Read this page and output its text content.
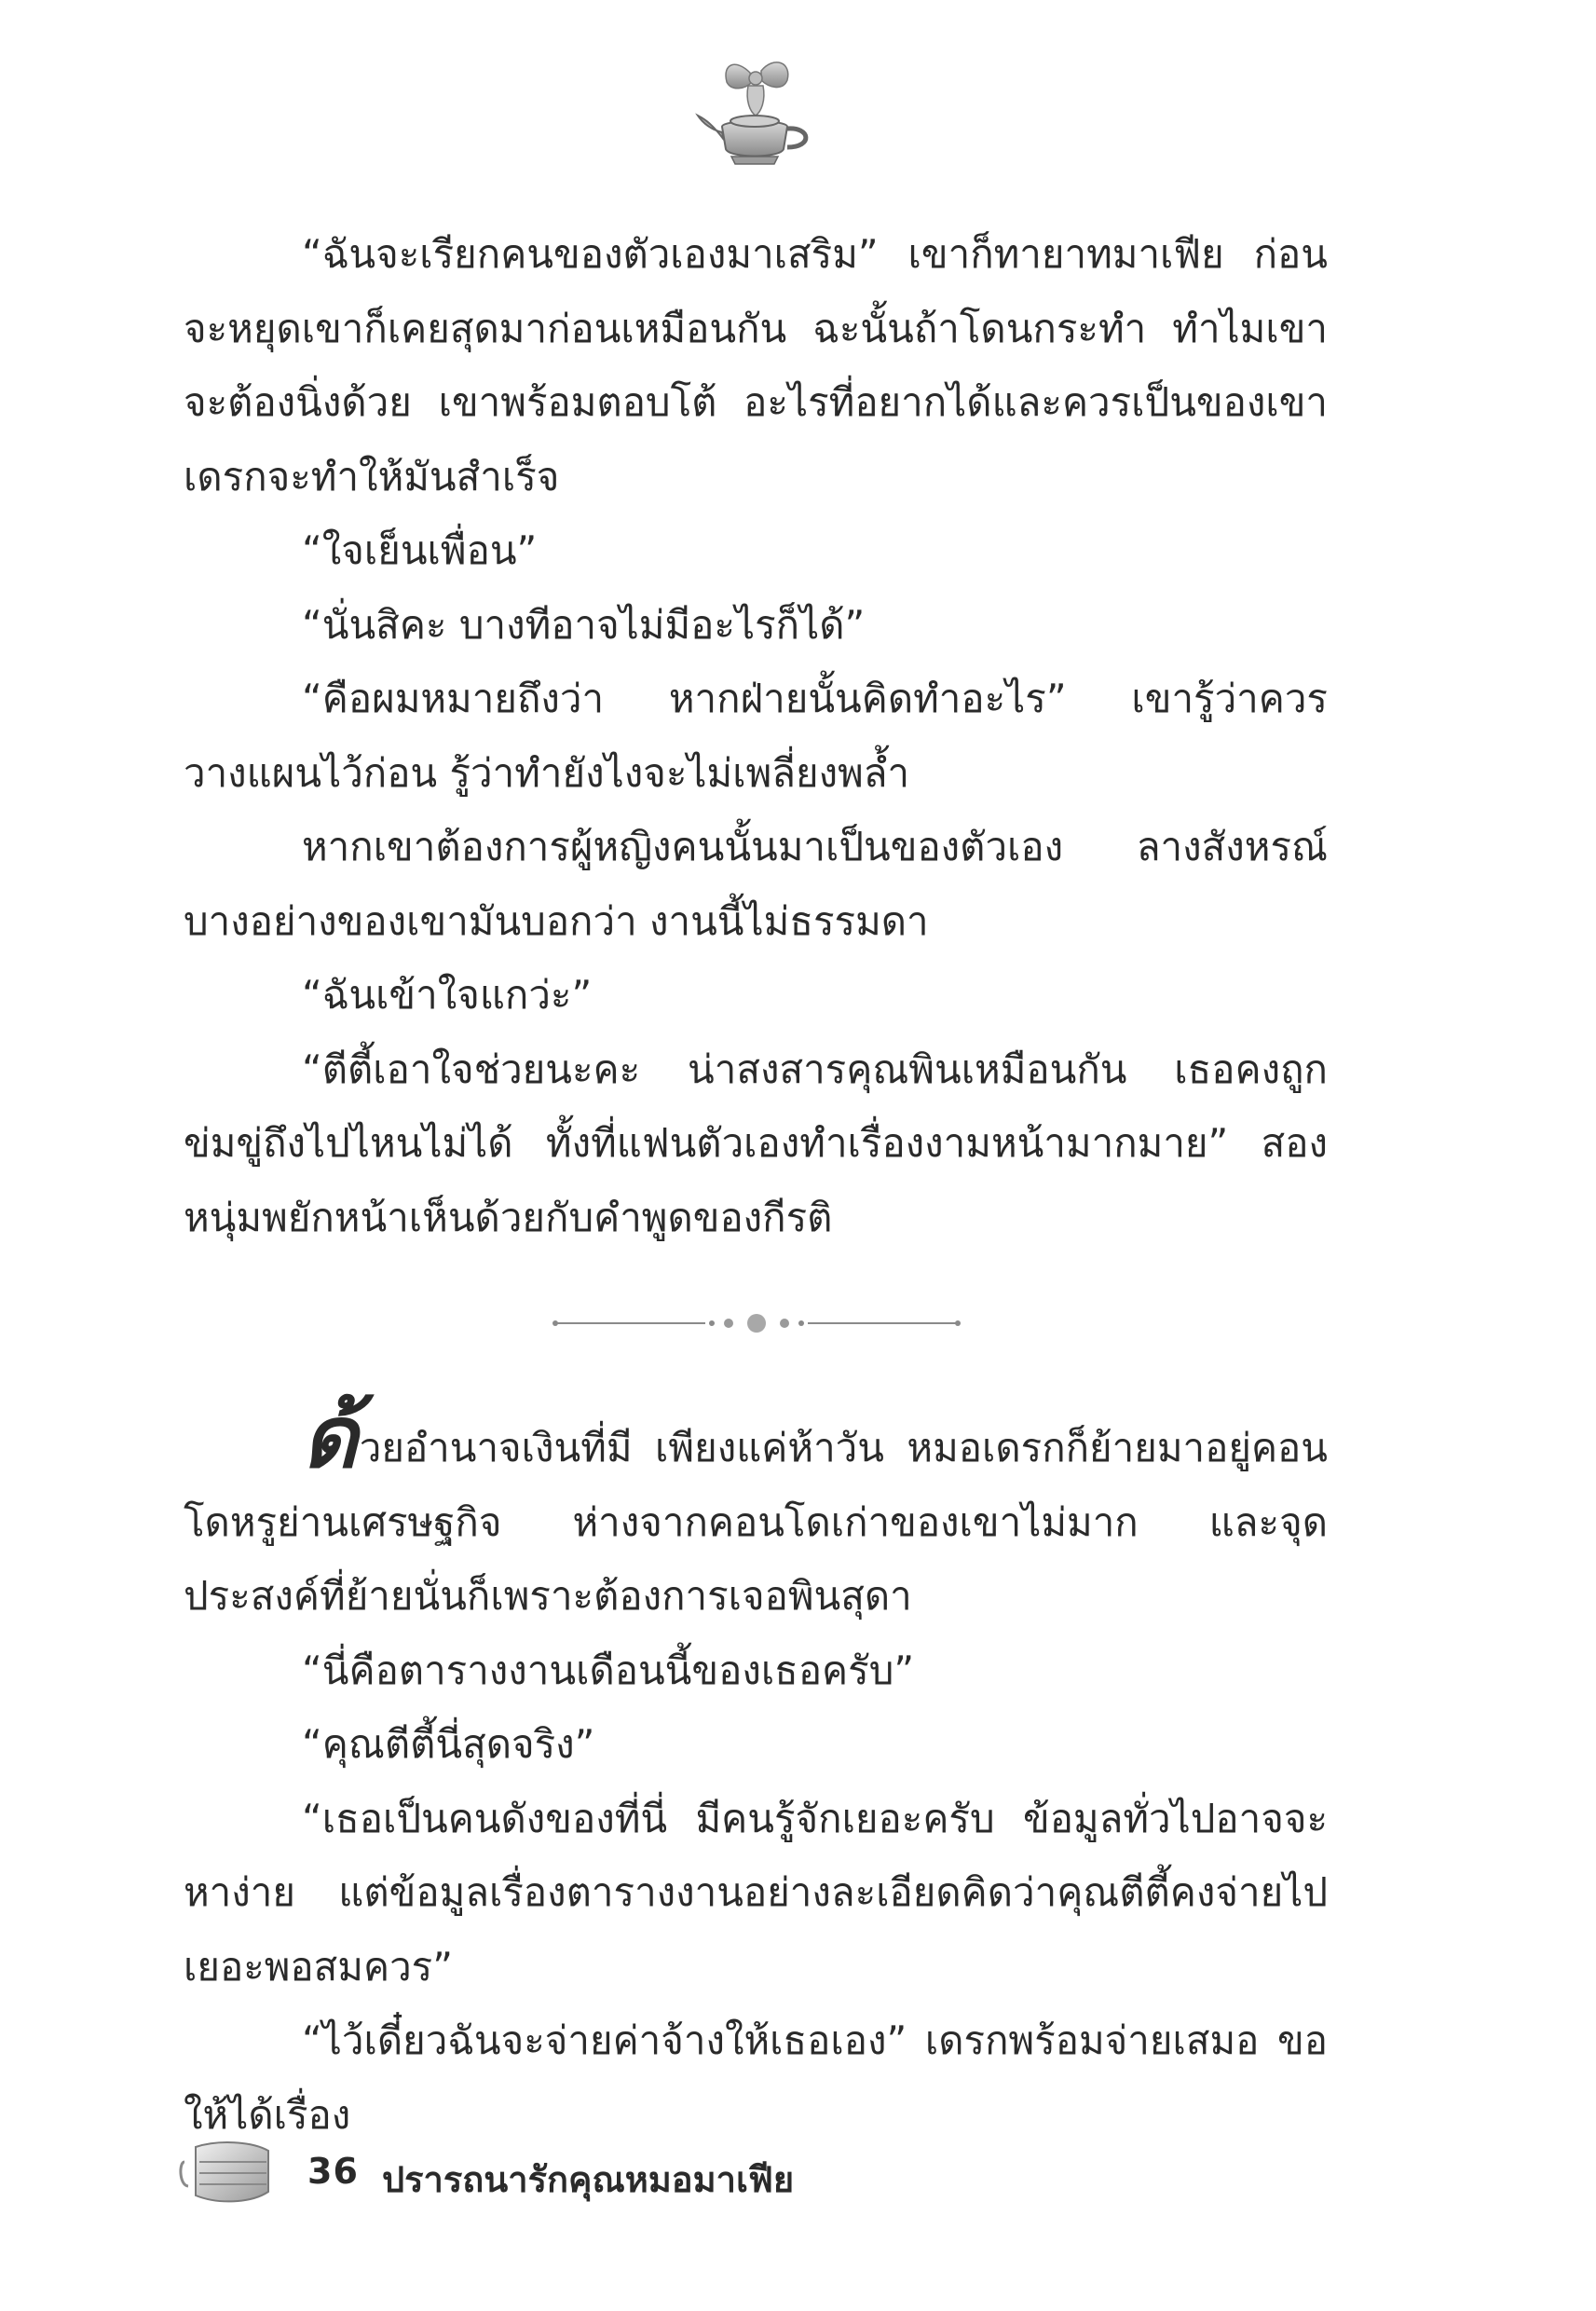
“ฉันจะเรียกคนของตัวเองมาเสริม” เขาก็ทายาทมาเฟีย ก่อนจะหยุดเขาก็เคยสุดมาก่อนเหมือนกัน ฉะนั้นถ้าโดนกระทำ ทำไมเขาจะต้องนิ่งด้วย เขาพร้อมตอบโต้ อะไรที่อยากได้และควรเป็นของเขาเดรกจะทำให้มันสำเร็จ

“ใจเย็นเพื่อน”

“นั่นสิคะ บางทีอาจไม่มีอะไรก็ได้”

“คือผมหมายถึงว่า หากฝ่ายนั้นคิดทำอะไร” เขารู้ว่าควรวางแผนไว้ก่อน รู้ว่าทำยังไงจะไม่เพลี่ยงพล้ำ

หากเขาต้องการผู้หญิงคนนั้นมาเป็นของตัวเอง ลางสังหรณ์บางอย่างของเขามันบอกว่า งานนี้ไม่ธรรมดา

“ฉันเข้าใจแกว่ะ”

“ตีตี้เอาใจช่วยนะคะ น่าสงสารคุณพินเหมือนกัน เธอคงถูกข่มขู่ถึงไปไหนไม่ได้ ทั้งที่แฟนตัวเองทำเรื่องงามหน้ามากมาย” สองหนุ่มพยักหน้าเห็นด้วยกับคำพูดของกีรติ

ด้วยอำนาจเงินที่มี เพียงแค่ห้าวัน หมอเดรกก็ย้ายมาอยู่คอนโดหรูย่านเศรษฐกิจ ห่างจากคอนโดเก่าของเขาไม่มาก และจุดประสงค์ที่ย้ายนั่นก็เพราะต้องการเจอพินสุดา

“นี่คือตารางงานเดือนนี้ของเธอครับ”

“คุณตีตี้นี่สุดจริง”

“เธอเป็นคนดังของที่นี่ มีคนรู้จักเยอะครับ ข้อมูลทั่วไปอาจจะหาง่าย แต่ข้อมูลเรื่องตารางงานอย่างละเอียดคิดว่าคุณตีตี้คงจ่ายไปเยอะพอสมควร”

“ไว้เดี๋ยวฉันจะจ่ายค่าจ้างให้เธอเอง” เดรกพร้อมจ่ายเสมอ ขอให้ได้เรื่อง

36 ปรารถนารักคุณหมอมาเฟีย
